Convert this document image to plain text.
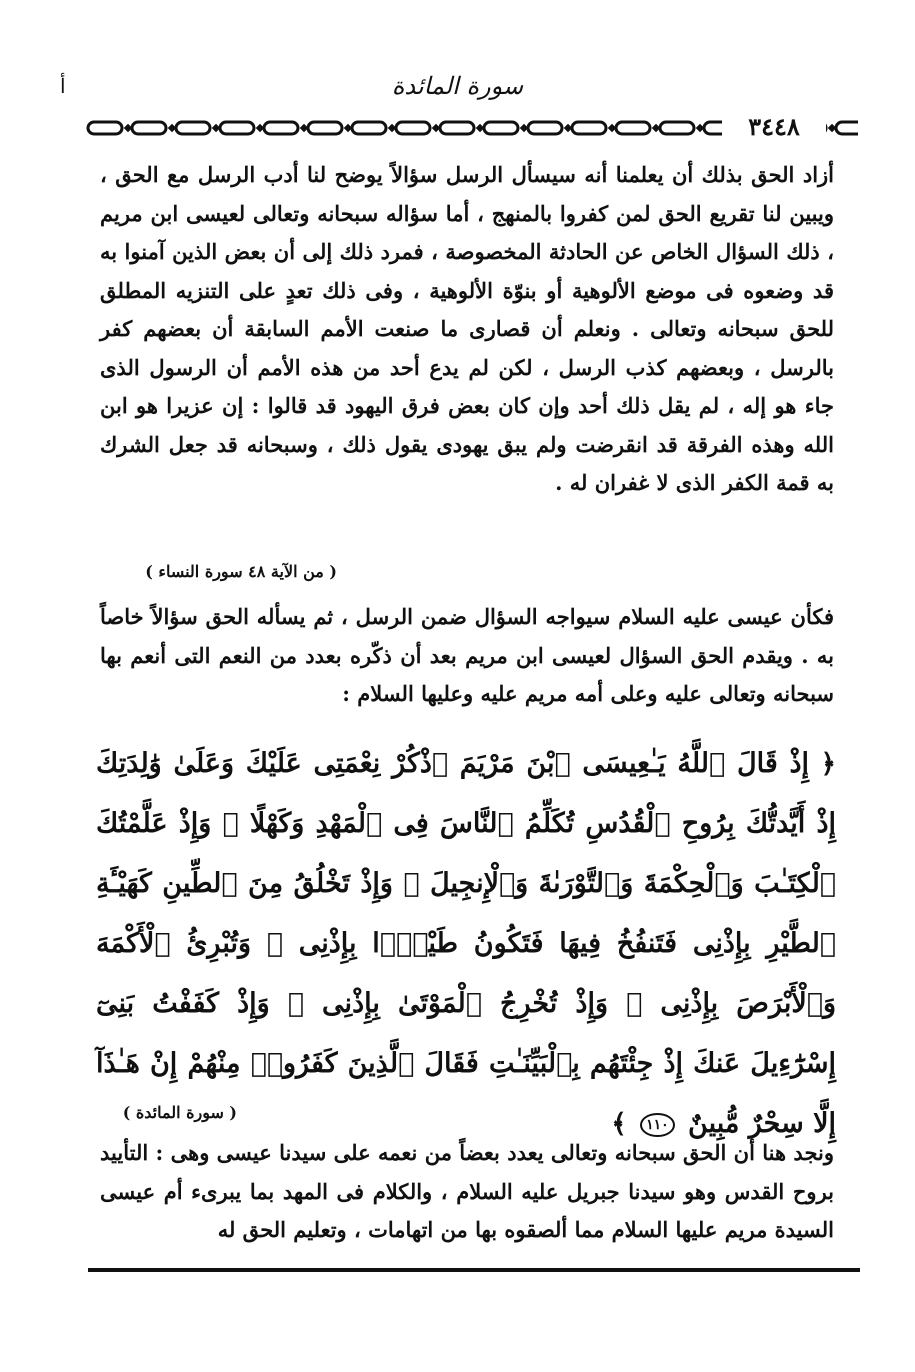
أ	سورة المائدة
٣٤٤٨
أزاد الحق بذلك أن يعلمنا أنه سيسأل الرسل سؤالاً يوضح لنا أدب الرسل مع الحق ، ويبين لنا تقريع الحق لمن كفروا بالمنهج ، أما سؤاله سبحانه وتعالى لعيسى ابن مريم ، ذلك السؤال الخاص عن الحادثة المخصوصة ، فمرد ذلك إلى أن بعض الذين آمنوا به قد وضعوه فى موضع الألوهية أو بنوّة الألوهية ، وفى ذلك تعدٍ على التنزيه المطلق للحق سبحانه وتعالى . ونعلم أن قصارى ما صنعت الأمم السابقة أن بعضهم كفر بالرسل ، وبعضهم كذب الرسل ، لكن لم يدع أحد من هذه الأمم أن الرسول الذى جاء هو إله ، لم يقل ذلك أحد وإن كان بعض فرق اليهود قد قالوا : إن عزيرا هو ابن الله وهذه الفرقة قد انقرضت ولم يبق يهودى يقول ذلك ، وسبحانه قد جعل الشرك به قمة الكفر الذى لا غفران له .
( من الآية ٤٨ سورة النساء )
فكأن عيسى عليه السلام سيواجه السؤال ضمن الرسل ، ثم يسأله الحق سؤالاً خاصاً به . ويقدم الحق السؤال لعيسى ابن مريم بعد أن ذكّره بعدد من النعم التى أنعم بها سبحانه وتعالى عليه وعلى أمه مريم عليه وعليها السلام :
﴿ إِذْ قَالَ ٱللَّهُ يَـٰعِيسَى ٱبْنَ مَرْيَمَ ٱذْكُرْ نِعْمَتِى عَلَيْكَ وَعَلَىٰ وَٰلِدَتِكَ إِذْ أَيَّدتُّكَ بِرُوحِ ٱلْقُدُسِ تُكَلِّمُ ٱلنَّاسَ فِى ٱلْمَهْدِ وَكَهْلًا ۖ وَإِذْ عَلَّمْتُكَ ٱلْكِتَـٰبَ وَٱلْحِكْمَةَ وَٱلتَّوْرَىٰةَ وَٱلْإِنجِيلَ ۖ وَإِذْ تَخْلُقُ مِنَ ٱلطِّينِ كَهَيْـَٔةِ ٱلطَّيْرِ بِإِذْنِى فَتَنفُخُ فِيهَا فَتَكُونُ طَيْرًۢا بِإِذْنِى ۖ وَتُبْرِئُ ٱلْأَكْمَهَ وَٱلْأَبْرَصَ بِإِذْنِى ۖ وَإِذْ تُخْرِجُ ٱلْمَوْتَىٰ بِإِذْنِى ۖ وَإِذْ كَفَفْتُ بَنِىٓ إِسْرَٰٓءِيلَ عَنكَ إِذْ جِئْتَهُم بِٱلْبَيِّنَـٰتِ فَقَالَ ٱلَّذِينَ كَفَرُوا۟ مِنْهُمْ إِنْ هَـٰذَآ إِلَّا سِحْرٌ مُّبِينٌ ١١٠ ﴾
( سورة المائدة )
ونجد هنا أن الحق سبحانه وتعالى يعدد بعضاً من نعمه على سيدنا عيسى وهى : التأييد بروح القدس وهو سيدنا جبريل عليه السلام ، والكلام فى المهد بما يبرىء أم عيسى السيدة مريم عليها السلام مما ألصقوه بها من اتهامات ، وتعليم الحق له
